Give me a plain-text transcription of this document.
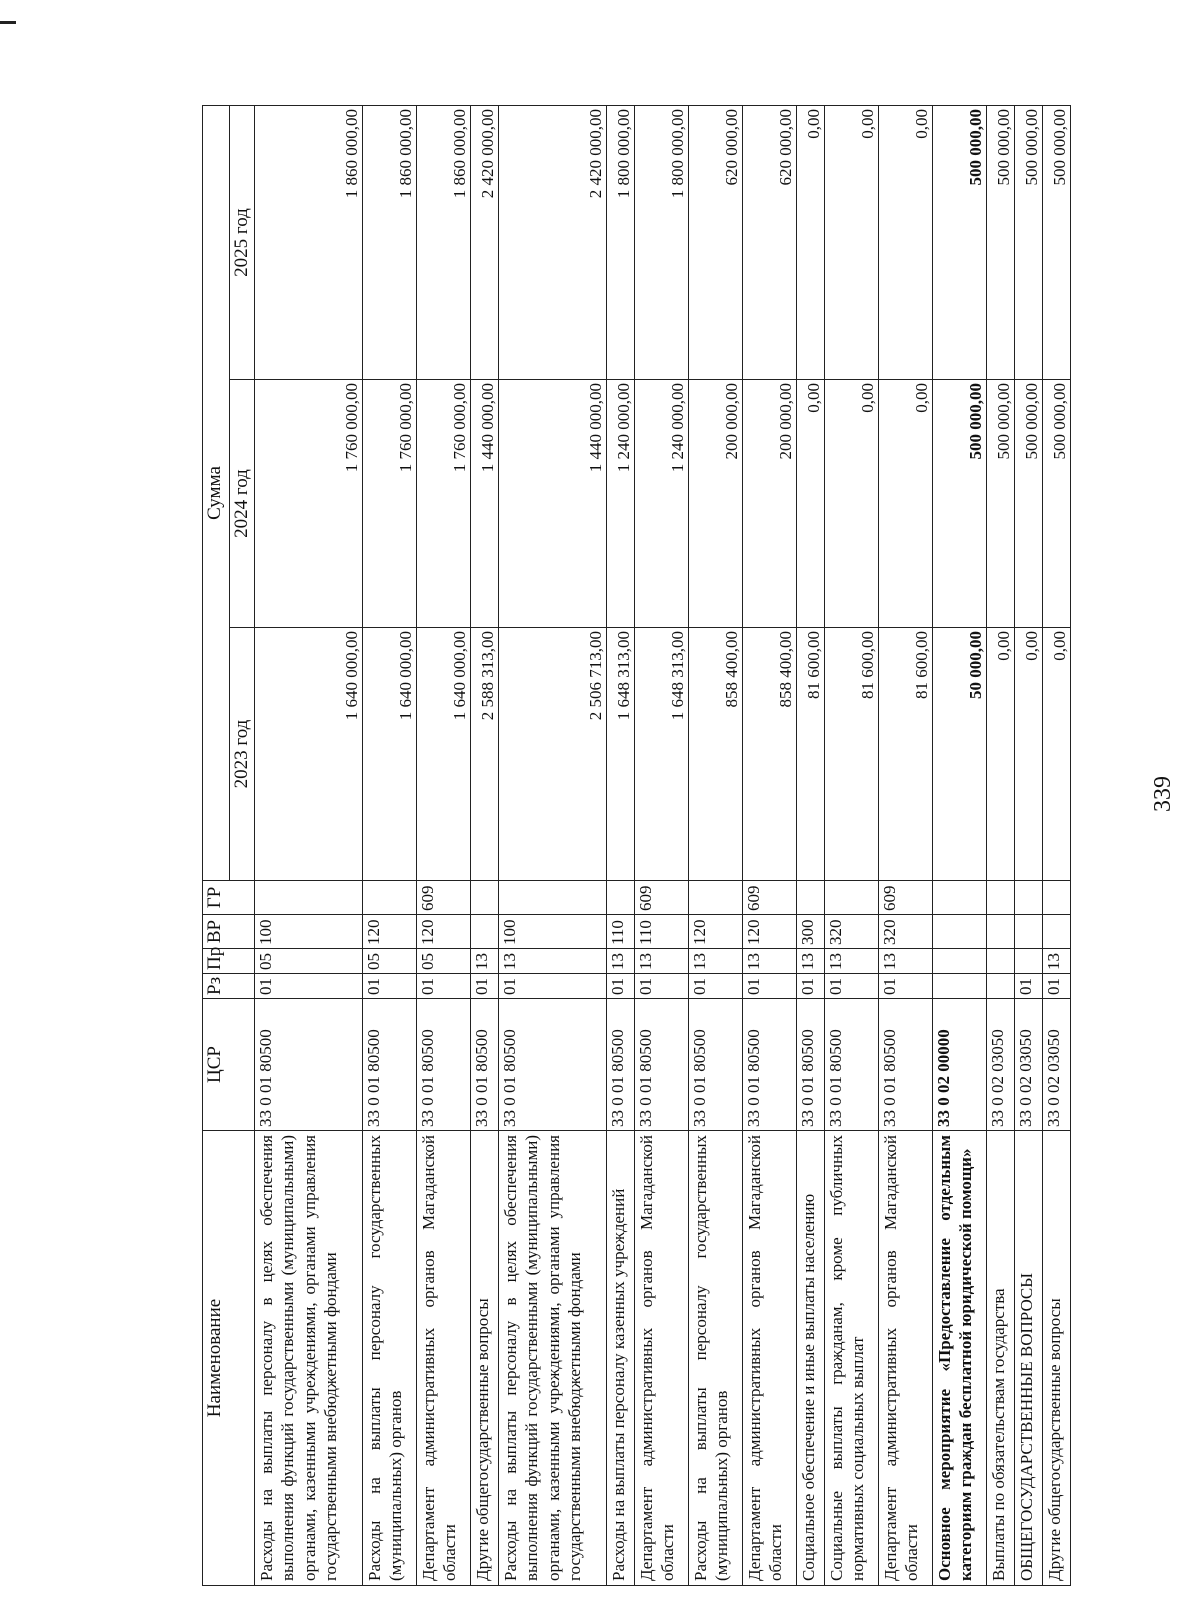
339
Наименование	ЦСР	Рз	Пр	ВР	ГР	Сумма		
						2023 год	2024 год	2025 год
Расходы на выплаты персоналу в целях обеспечения выполнения функций государственными (муниципальными) органами, казенными учреждениями, органами управления государственными внебюджетными фондами	33 0 01 80500	01	05	100		1 640 000,00	1 760 000,00	1 860 000,00
Расходы на выплаты персоналу государственных (муниципальных) органов	33 0 01 80500	01	05	120		1 640 000,00	1 760 000,00	1 860 000,00
Департамент административных органов Магаданской области	33 0 01 80500	01	05	120	609	1 640 000,00	1 760 000,00	1 860 000,00
Другие общегосударственные вопросы	33 0 01 80500	01	13			2 588 313,00	1 440 000,00	2 420 000,00
Расходы на выплаты персоналу в целях обеспечения выполнения функций государственными (муниципальными) органами, казенными учреждениями, органами управления государственными внебюджетными фондами	33 0 01 80500	01	13	100		2 506 713,00	1 440 000,00	2 420 000,00
Расходы на выплаты персоналу казенных учреждений	33 0 01 80500	01	13	110		1 648 313,00	1 240 000,00	1 800 000,00
Департамент административных органов Магаданской области	33 0 01 80500	01	13	110	609	1 648 313,00	1 240 000,00	1 800 000,00
Расходы на выплаты персоналу государственных (муниципальных) органов	33 0 01 80500	01	13	120		858 400,00	200 000,00	620 000,00
Департамент административных органов Магаданской области	33 0 01 80500	01	13	120	609	858 400,00	200 000,00	620 000,00
Социальное обеспечение и иные выплаты населению	33 0 01 80500	01	13	300		81 600,00	0,00	0,00
Социальные выплаты гражданам, кроме публичных нормативных социальных выплат	33 0 01 80500	01	13	320		81 600,00	0,00	0,00
Департамент административных органов Магаданской области	33 0 01 80500	01	13	320	609	81 600,00	0,00	0,00
Основное мероприятие «Предоставление отдельным категориям граждан бесплатной юридической помощи»	33 0 02 00000					50 000,00	500 000,00	500 000,00
Выплаты по обязательствам государства	33 0 02 03050					0,00	500 000,00	500 000,00
ОБЩЕГОСУДАРСТВЕННЫЕ ВОПРОСЫ	33 0 02 03050	01				0,00	500 000,00	500 000,00
Другие общегосударственные вопросы	33 0 02 03050	01	13			0,00	500 000,00	500 000,00
